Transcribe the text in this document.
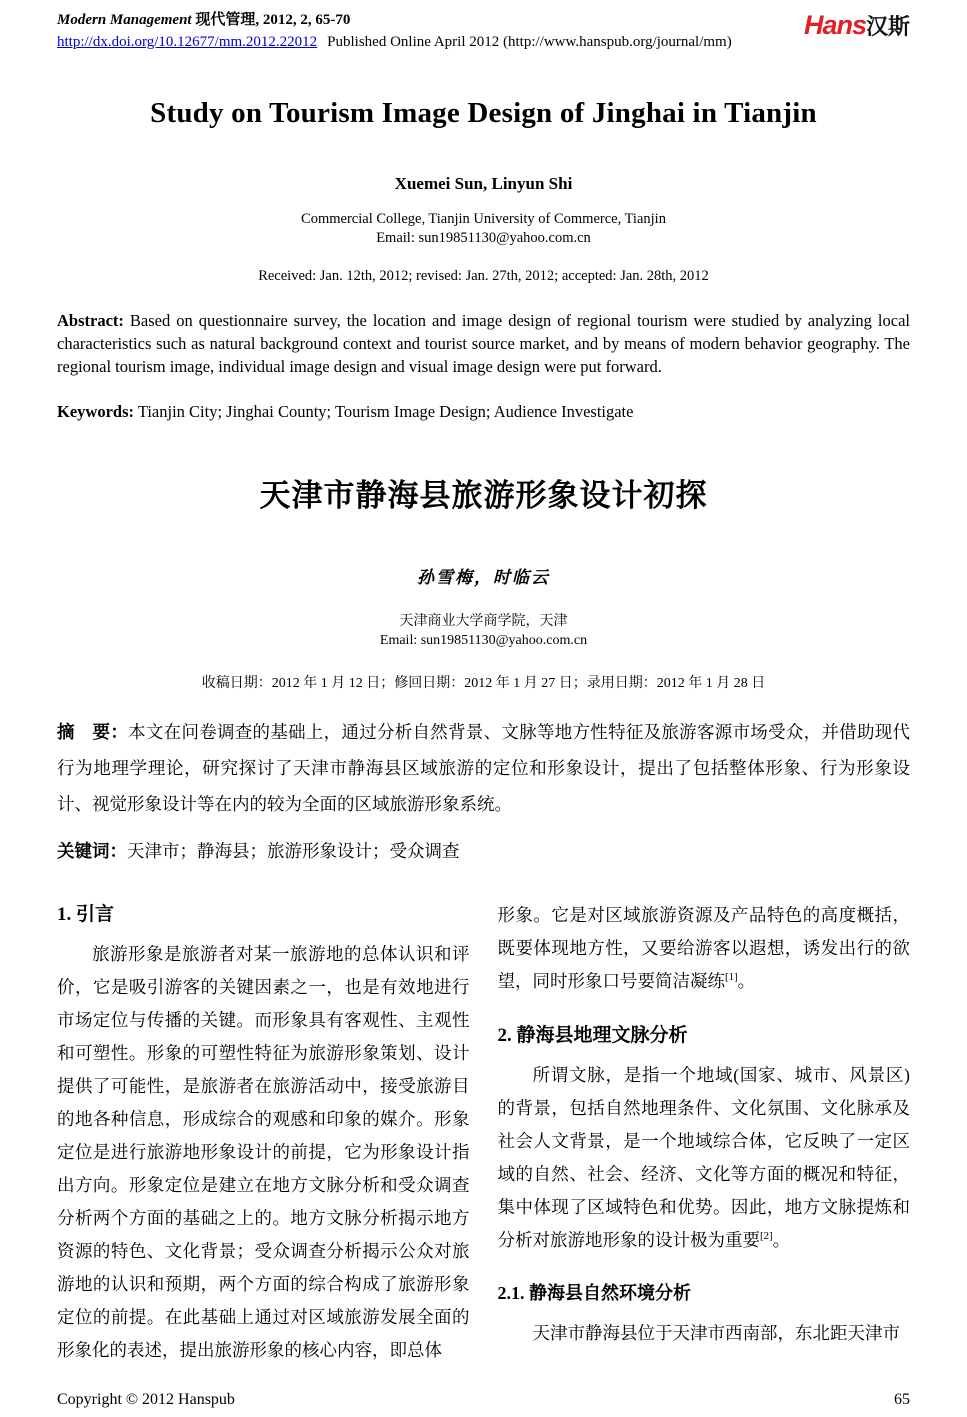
Modern Management 现代管理, 2012, 2, 65-70
http://dx.doi.org/10.12677/mm.2012.22012 Published Online April 2012 (http://www.hanspub.org/journal/mm)
Hans汉斯
Study on Tourism Image Design of Jinghai in Tianjin
Xuemei Sun, Linyun Shi
Commercial College, Tianjin University of Commerce, Tianjin
Email: sun19851130@yahoo.com.cn
Received: Jan. 12th, 2012; revised: Jan. 27th, 2012; accepted: Jan. 28th, 2012
Abstract: Based on questionnaire survey, the location and image design of regional tourism were studied by analyzing local characteristics such as natural background context and tourist source market, and by means of modern behavior geography. The regional tourism image, individual image design and visual image design were put forward.
Keywords: Tianjin City; Jinghai County; Tourism Image Design; Audience Investigate
天津市静海县旅游形象设计初探
孙雪梅，时临云
天津商业大学商学院，天津
Email: sun19851130@yahoo.com.cn
收稿日期：2012 年 1 月 12 日；修回日期：2012 年 1 月 27 日；录用日期：2012 年 1 月 28 日
摘　要：本文在问卷调查的基础上，通过分析自然背景、文脉等地方性特征及旅游客源市场受众，并借助现代行为地理学理论，研究探讨了天津市静海县区域旅游的定位和形象设计，提出了包括整体形象、行为形象设计、视觉形象设计等在内的较为全面的区域旅游形象系统。
关键词：天津市；静海县；旅游形象设计；受众调查
1. 引言

旅游形象是旅游者对某一旅游地的总体认识和评价，它是吸引游客的关键因素之一，也是有效地进行市场定位与传播的关键。而形象具有客观性、主观性和可塑性。形象的可塑性特征为旅游形象策划、设计提供了可能性，是旅游者在旅游活动中，接受旅游目的地各种信息，形成综合的观感和印象的媒介。形象定位是进行旅游地形象设计的前提，它为形象设计指出方向。形象定位是建立在地方文脉分析和受众调查分析两个方面的基础之上的。地方文脉分析揭示地方资源的特色、文化背景；受众调查分析揭示公众对旅游地的认识和预期，两个方面的综合构成了旅游形象定位的前提。在此基础上通过对区域旅游发展全面的形象化的表述，提出旅游形象的核心内容，即总体

形象。它是对区域旅游资源及产品特色的高度概括，既要体现地方性，又要给游客以遐想，诱发出行的欲望，同时形象口号要简洁凝练[1]。

2. 静海县地理文脉分析

所谓文脉，是指一个地域(国家、城市、风景区)的背景，包括自然地理条件、文化氛围、文化脉承及社会人文背景，是一个地域综合体，它反映了一定区域的自然、社会、经济、文化等方面的概况和特征，集中体现了区域特色和优势。因此，地方文脉提炼和分析对旅游地形象的设计极为重要[2]。

2.1. 静海县自然环境分析

天津市静海县位于天津市西南部，东北距天津市

Copyright © 2012 Hanspub	65
